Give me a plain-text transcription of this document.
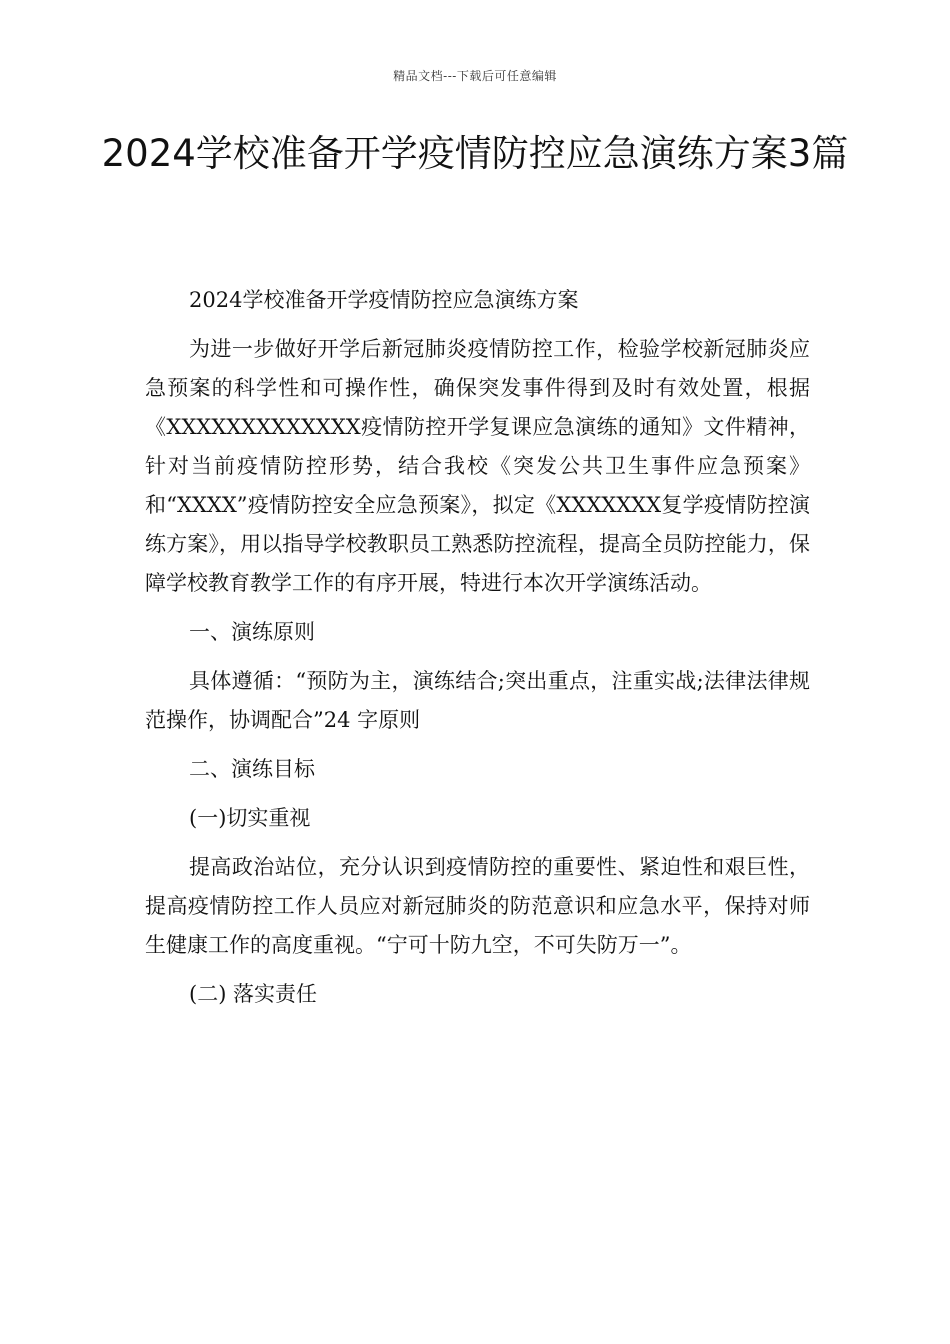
精品文档---下载后可任意编辑
2024学校准备开学疫情防控应急演练方案3篇

2024学校准备开学疫情防控应急演练方案

为进一步做好开学后新冠肺炎疫情防控工作，检验学校新冠肺炎应急预案的科学性和可操作性，确保突发事件得到及时有效处置，根据《XXXXXXXXXXXXX疫情防控开学复课应急演练的通知》文件精神，针对当前疫情防控形势，结合我校《突发公共卫生事件应急预案》和“XXXX”疫情防控安全应急预案》，拟定《XXXXXXX复学疫情防控演练方案》，用以指导学校教职员工熟悉防控流程，提高全员防控能力，保障学校教育教学工作的有序开展，特进行本次开学演练活动。

一、演练原则

具体遵循：“预防为主，演练结合;突出重点，注重实战;法律法律规范操作，协调配合”24 字原则

二、演练目标

(一)切实重视

提高政治站位，充分认识到疫情防控的重要性、紧迫性和艰巨性，提高疫情防控工作人员应对新冠肺炎的防范意识和应急水平，保持对师生健康工作的高度重视。“宁可十防九空，不可失防万一”。

(二) 落实责任
